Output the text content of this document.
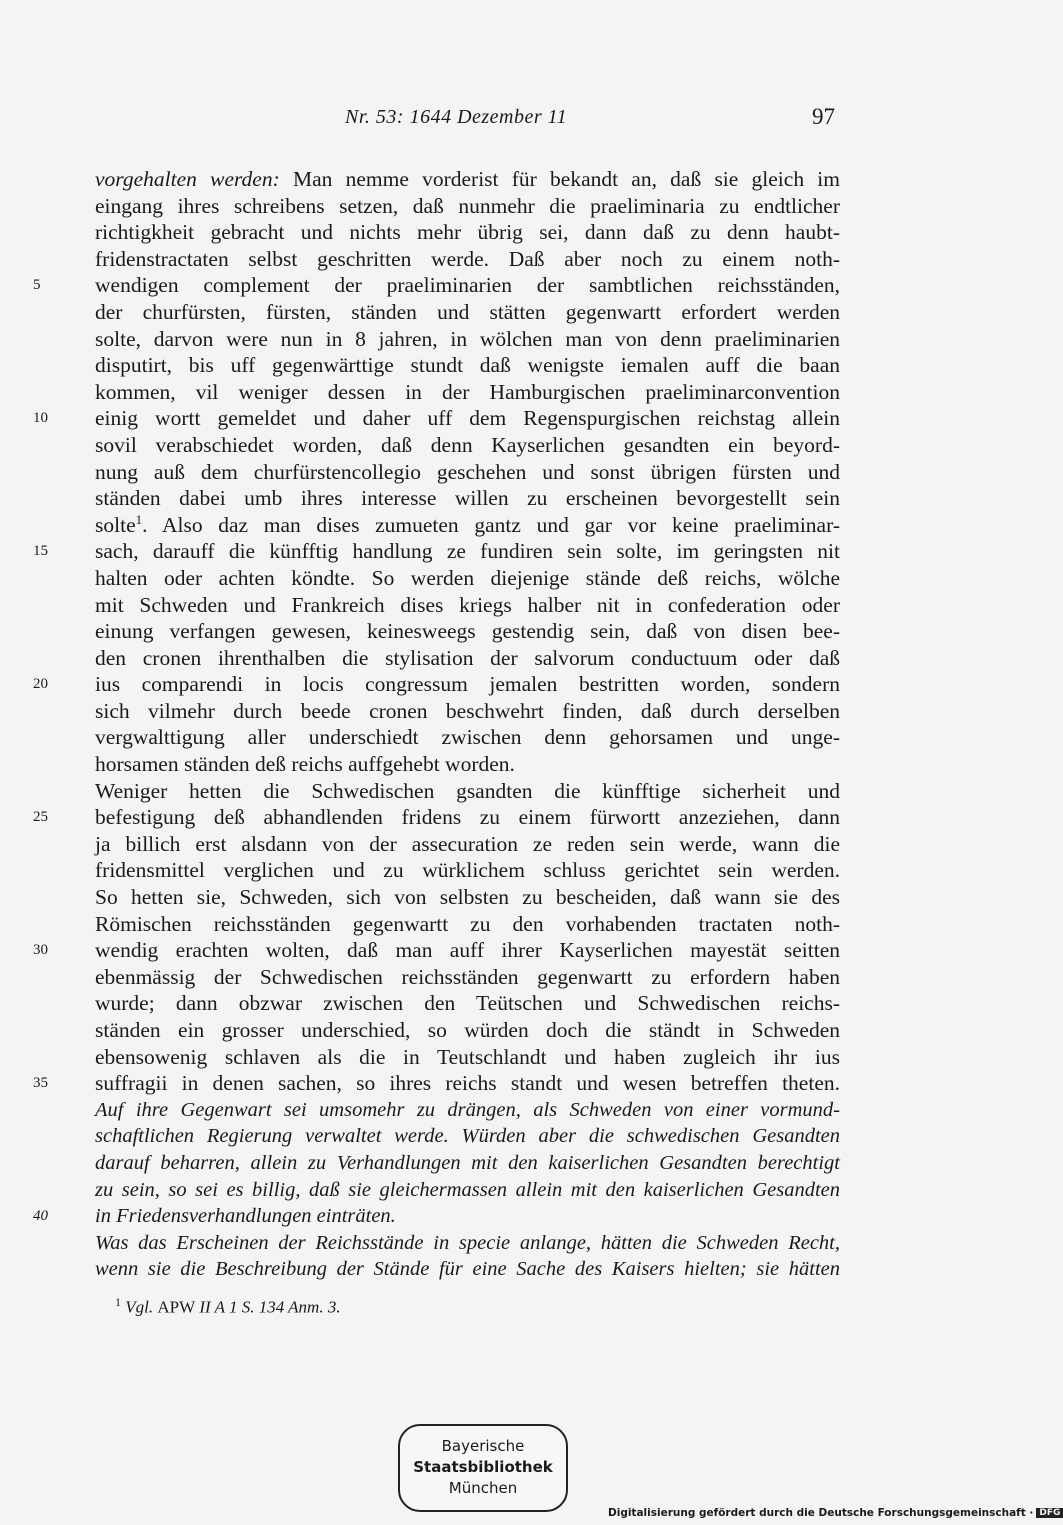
Nr. 53: 1644 Dezember 11	97
vorgehalten werden: Man nemme vorderist für bekandt an, daß sie gleich im
eingang ihres schreibens setzen, daß nunmehr die praeliminaria zu endtlicher
richtigkheit gebracht und nichts mehr übrig sei, dann daß zu denn haubt-
fridenstractaten selbst geschritten werde. Daß aber noch zu einem noth-
5	wendigen complement der praeliminarien der sambtlichen reichsständen,
der churfürsten, fürsten, ständen und stätten gegenwartt erfordert werden
solte, darvon were nun in 8 jahren, in wölchen man von denn praeliminarien
disputirt, bis uff gegenwärttige stundt daß wenigste iemalen auff die baan
kommen, vil weniger dessen in der Hamburgischen praeliminarconvention
10	einig wortt gemeldet und daher uff dem Regenspurgischen reichstag allein
sovil verabschiedet worden, daß denn Kayserlichen gesandten ein beyord-
nung auß dem churfürstencollegio geschehen und sonst übrigen fürsten und
ständen dabei umb ihres interesse willen zu erscheinen bevorgestellt sein
solte$^1$. Also daz man dises zumueten gantz und gar vor keine praeliminar-
15	sach, darauff die künfftig handlung ze fundiren sein solte, im geringsten nit
halten oder achten köndte. So werden diejenige stände deß reichs, wölche
mit Schweden und Frankreich dises kriegs halber nit in confederation oder
einung verfangen gewesen, keinesweegs gestendig sein, daß von disen bee-
den cronen ihrenthalben die stylisation der salvorum conductuum oder daß
20	ius comparendi in locis congressum jemalen bestritten worden, sondern
sich vilmehr durch beede cronen beschwehrt finden, daß durch derselben
vergwalttigung aller underschiedt zwischen denn gehorsamen und unge-
horsamen ständen deß reichs auffgehebt worden.
Weniger hetten die Schwedischen gsandten die künfftige sicherheit und
25	befestigung deß abhandlenden fridens zu einem fürwortt anzeziehen, dann
ja billich erst alsdann von der assecuration ze reden sein werde, wann die
fridensmittel verglichen und zu würklichem schluss gerichtet sein werden.
So hetten sie, Schweden, sich von selbsten zu bescheiden, daß wann sie des
Römischen reichsständen gegenwartt zu den vorhabenden tractaten noth-
30	wendig erachten wolten, daß man auff ihrer Kayserlichen mayestät seitten
ebenmässig der Schwedischen reichsständen gegenwartt zu erfordern haben
wurde; dann obzwar zwischen den Teütschen und Schwedischen reichs-
ständen ein grosser underschied, so würden doch die ständt in Schweden
ebensowenig schlaven als die in Teutschlandt und haben zugleich ihr ius
35	suffragii in denen sachen, so ihres reichs standt und wesen betreffen theten.
Auf ihre Gegenwart sei umsomehr zu drängen, als Schweden von einer vormund-
schaftlichen Regierung verwaltet werde. Würden aber die schwedischen Gesandten
darauf beharren, allein zu Verhandlungen mit den kaiserlichen Gesandten berechtigt
zu sein, so sei es billig, daß sie gleichermassen allein mit den kaiserlichen Gesandten
40	in Friedensverhandlungen einträten.
Was das Erscheinen der Reichsstände in specie anlange, hätten die Schweden Recht,
wenn sie die Beschreibung der Stände für eine Sache des Kaisers hielten; sie hätten
$^1$ Vgl. APW II A 1 S. 134 Anm. 3.
Bayerische
Staatsbibliothek
München
Digitalisierung gefördert durch die Deutsche Forschungsgemeinschaft · DFG
